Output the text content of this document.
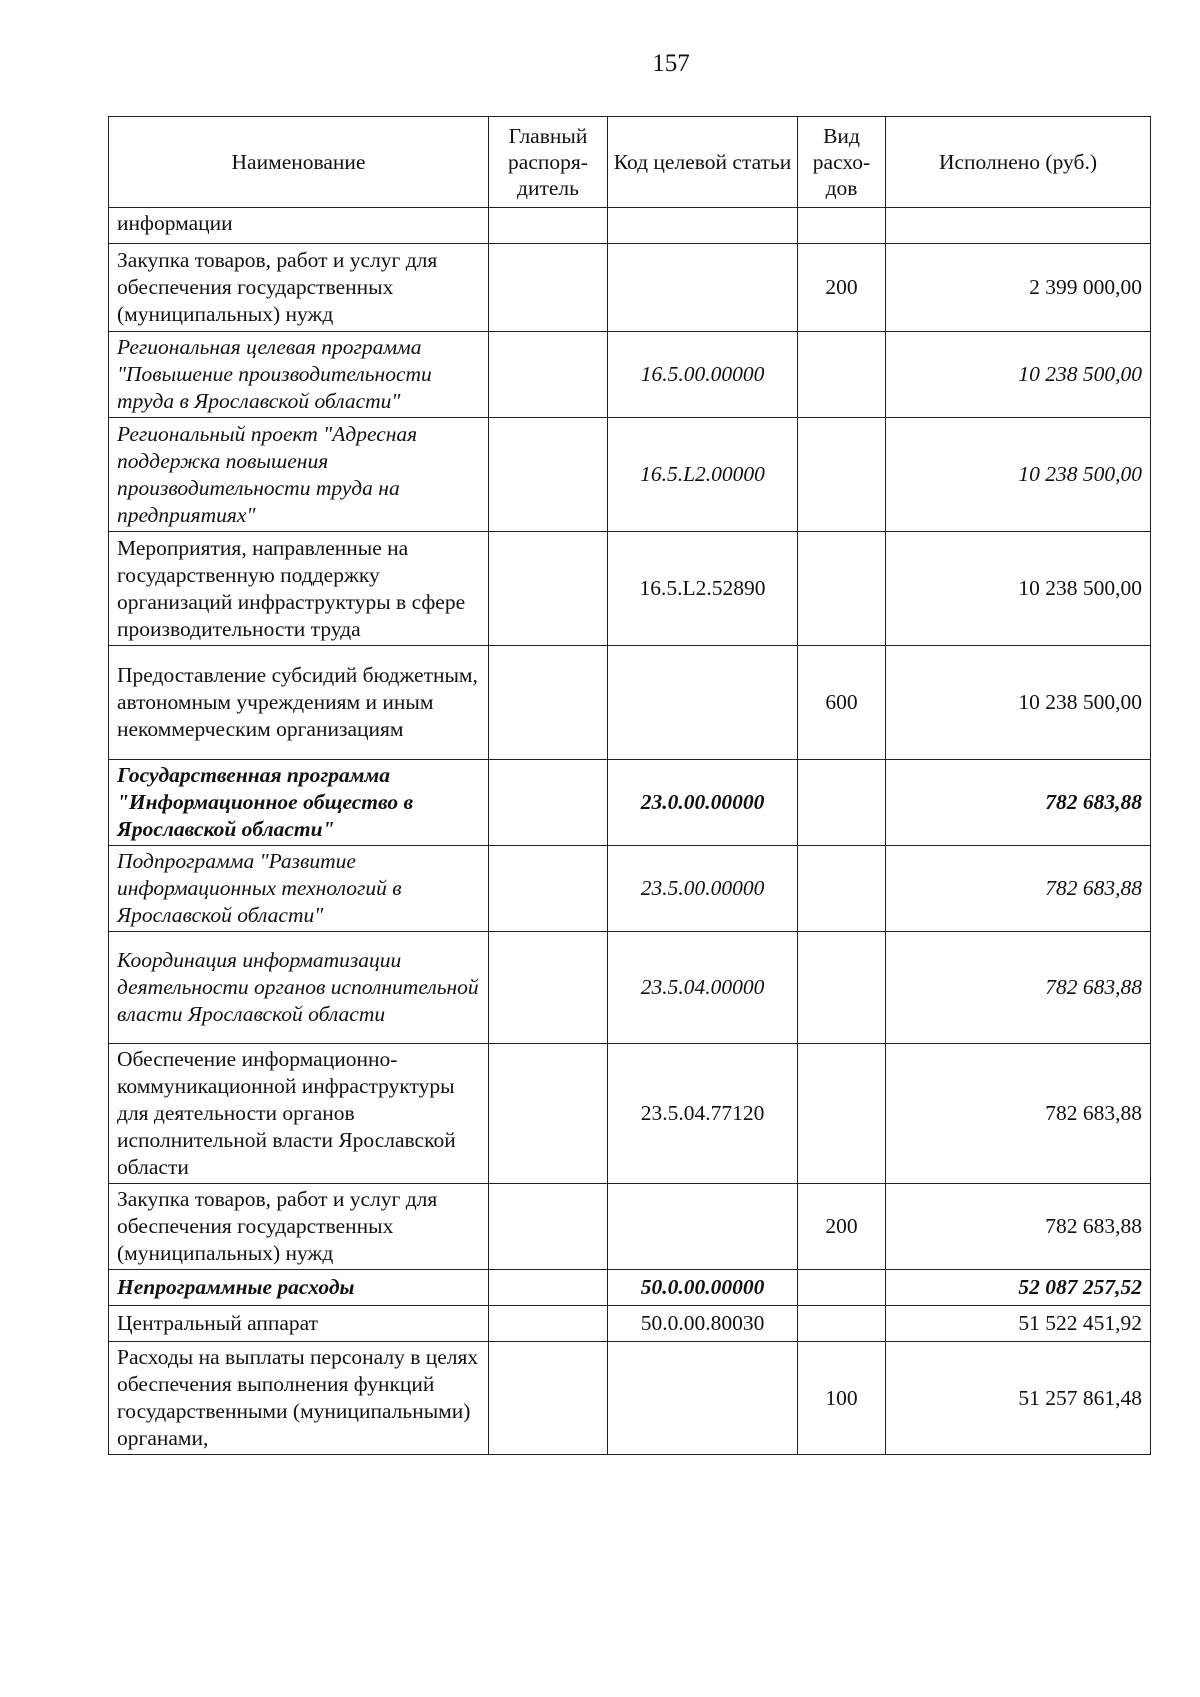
157
Наименование	Главный распоря-дитель	Код целевой статьи	Вид расхо-дов	Исполнено (руб.)
информации				
Закупка товаров, работ и услуг для обеспечения государственных (муниципальных) нужд			200	2 399 000,00
Региональная целевая программа "Повышение производительности труда в Ярославской области"		16.5.00.00000		10 238 500,00
Региональный проект "Адресная поддержка повышения производительности труда на предприятиях"		16.5.L2.00000		10 238 500,00
Мероприятия, направленные на государственную поддержку организаций инфраструктуры в сфере производительности труда		16.5.L2.52890		10 238 500,00
Предоставление субсидий бюджетным, автономным учреждениям и иным некоммерческим организациям			600	10 238 500,00
Государственная программа "Информационное общество в Ярославской области"		23.0.00.00000		782 683,88
Подпрограмма "Развитие информационных технологий в Ярославской области"		23.5.00.00000		782 683,88
Координация информатизации деятельности органов исполнительной власти Ярославской области		23.5.04.00000		782 683,88
Обеспечение информационно-коммуникационной инфраструктуры для деятельности органов исполнительной власти Ярославской области		23.5.04.77120		782 683,88
Закупка товаров, работ и услуг для обеспечения государственных (муниципальных) нужд			200	782 683,88
Непрограммные расходы		50.0.00.00000		52 087 257,52
Центральный аппарат		50.0.00.80030		51 522 451,92
Расходы на выплаты персоналу в целях обеспечения выполнения функций государственными (муниципальными) органами,			100	51 257 861,48
